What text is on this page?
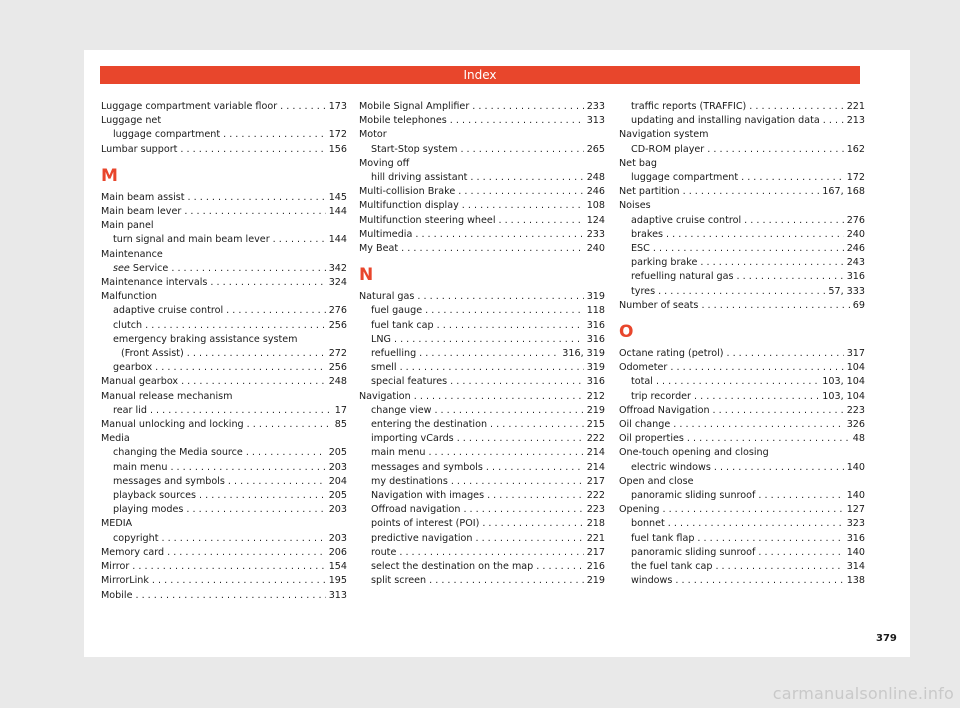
Index
Luggage compartment variable floor . . .	173
Luggage net
luggage compartment . . .	172
Lumbar support . . .	156
M
Main beam assist . . .	145
Main beam lever . . .	144
Main panel
turn signal and main beam lever . . .	144
Maintenance
see Service . . .	342
Maintenance intervals . . .	324
Malfunction
adaptive cruise control . . .	276
clutch . . .	256
emergency braking assistance system
(Front Assist) . . .	272
gearbox . . .	256
Manual gearbox . . .	248
Manual release mechanism
rear lid . . .	17
Manual unlocking and locking . . .	85
Media
changing the Media source . . .	205
main menu . . .	203
messages and symbols . . .	204
playback sources . . .	205
playing modes . . .	203
MEDIA
copyright . . .	203
Memory card . . .	206
Mirror . . .	154
MirrorLink . . .	195
Mobile . . .	313
Mobile Signal Amplifier . . .	233
Mobile telephones . . .	313
Motor
Start-Stop system . . .	265
Moving off
hill driving assistant . . .	248
Multi-collision Brake . . .	246
Multifunction display . . .	108
Multifunction steering wheel . . .	124
Multimedia . . .	233
My Beat . . .	240
N
Natural gas . . .	319
fuel gauge . . .	118
fuel tank cap . . .	316
LNG . . .	316
refuelling . . .	316, 319
smell . . .	319
special features . . .	316
Navigation . . .	212
change view . . .	219
entering the destination . . .	215
importing vCards . . .	222
main menu . . .	214
messages and symbols . . .	214
my destinations . . .	217
Navigation with images . . .	222
Offroad navigation . . .	223
points of interest (POI) . . .	218
predictive navigation . . .	221
route . . .	217
select the destination on the map . . .	216
split screen . . .	219
traffic reports (TRAFFIC) . . .	221
updating and installing navigation data . . .	213
Navigation system
CD-ROM player . . .	162
Net bag
luggage compartment . . .	172
Net partition . . .	167, 168
Noises
adaptive cruise control . . .	276
brakes . . .	240
ESC . . .	246
parking brake . . .	243
refuelling natural gas . . .	316
tyres . . .	57, 333
Number of seats . . .	69
O
Octane rating (petrol) . . .	317
Odometer . . .	104
total . . .	103, 104
trip recorder . . .	103, 104
Offroad Navigation . . .	223
Oil change . . .	326
Oil properties . . .	48
One-touch opening and closing
electric windows . . .	140
Open and close
panoramic sliding sunroof . . .	140
Opening . . .	127
bonnet . . .	323
fuel tank flap . . .	316
panoramic sliding sunroof . . .	140
the fuel tank cap . . .	314
windows . . .	138
379
carmanualsonline.info
